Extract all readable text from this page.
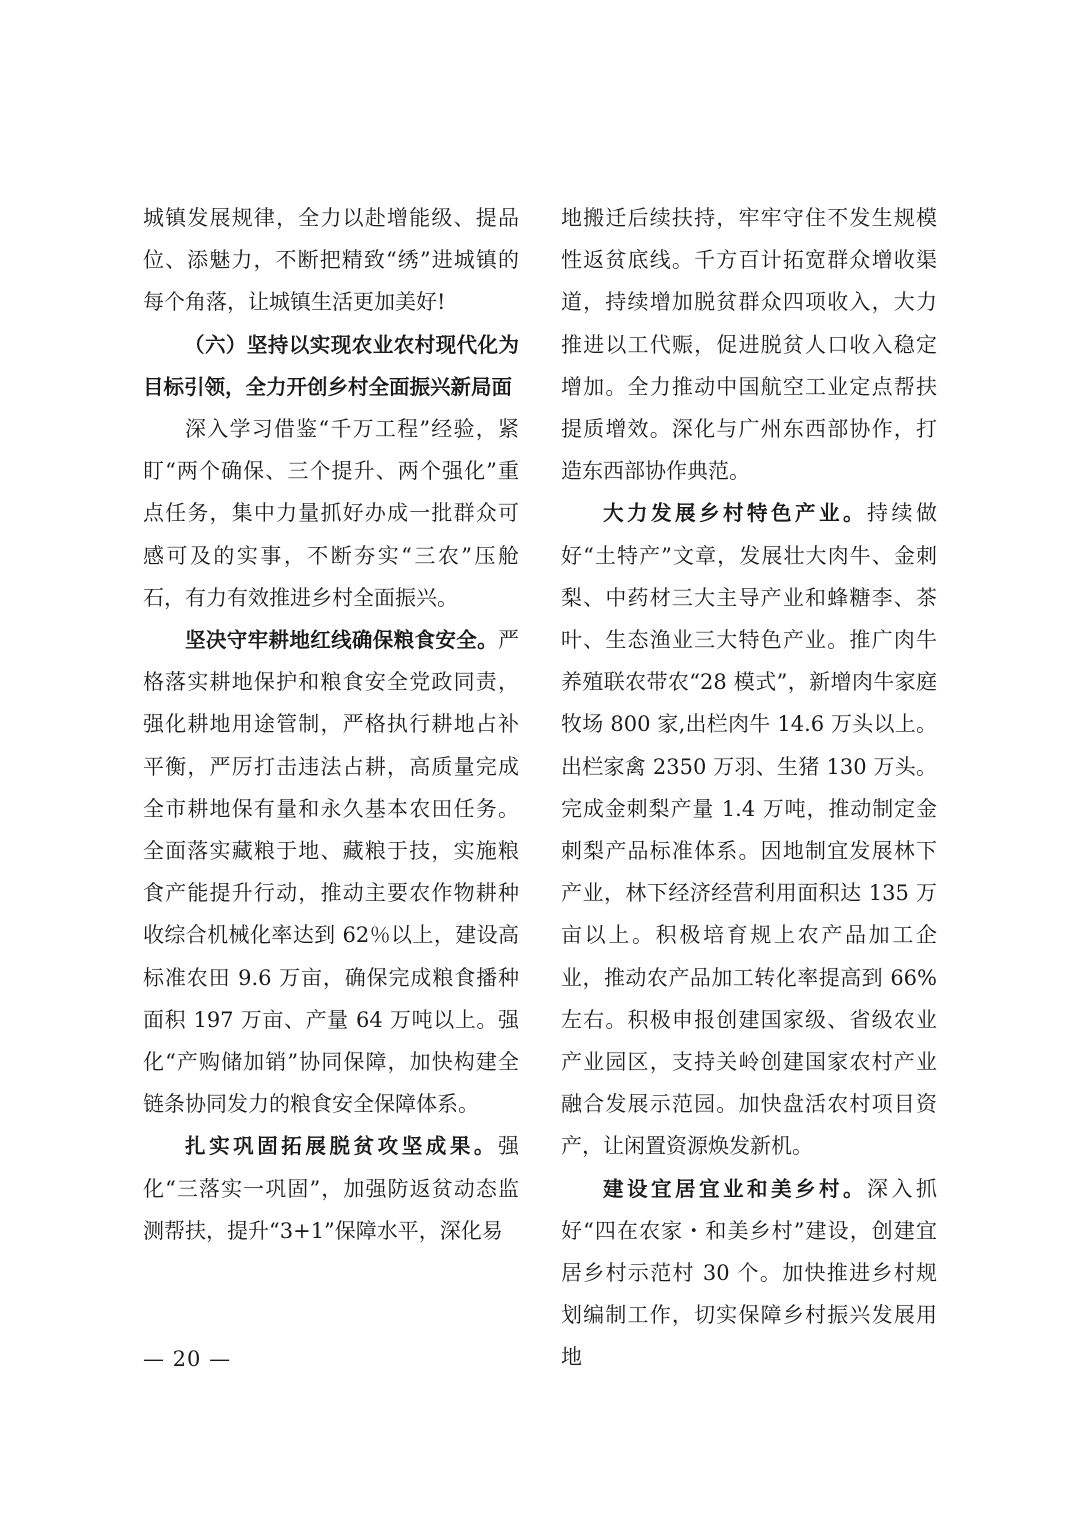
城镇发展规律，全力以赴增能级、提品位、添魅力，不断把精致“绣”进城镇的每个角落，让城镇生活更加美好!

（六）坚持以实现农业农村现代化为目标引领，全力开创乡村全面振兴新局面

深入学习借鉴“千万工程”经验，紧盯“两个确保、三个提升、两个强化”重点任务，集中力量抓好办成一批群众可感可及的实事，不断夯实“三农”压舱石，有力有效推进乡村全面振兴。

坚决守牢耕地红线确保粮食安全。严格落实耕地保护和粮食安全党政同责，强化耕地用途管制，严格执行耕地占补平衡，严厉打击违法占耕，高质量完成全市耕地保有量和永久基本农田任务。全面落实藏粮于地、藏粮于技，实施粮食产能提升行动，推动主要农作物耕种收综合机械化率达到 62％以上，建设高标准农田 9.6 万亩，确保完成粮食播种面积 197 万亩、产量 64 万吨以上。强化“产购储加销”协同保障，加快构建全链条协同发力的粮食安全保障体系。

扎实巩固拓展脱贫攻坚成果。强化“三落实一巩固”，加强防返贫动态监测帮扶，提升“3+1”保障水平，深化易

地搬迁后续扶持，牢牢守住不发生规模性返贫底线。千方百计拓宽群众增收渠道，持续增加脱贫群众四项收入，大力推进以工代赈，促进脱贫人口收入稳定增加。全力推动中国航空工业定点帮扶提质增效。深化与广州东西部协作，打造东西部协作典范。

大力发展乡村特色产业。持续做好“土特产”文章，发展壮大肉牛、金刺梨、中药材三大主导产业和蜂糖李、茶叶、生态渔业三大特色产业。推广肉牛养殖联农带农“28 模式”，新增肉牛家庭牧场 800 家,出栏肉牛 14.6 万头以上。出栏家禽 2350 万羽、生猪 130 万头。完成金刺梨产量 1.4 万吨，推动制定金刺梨产品标准体系。因地制宜发展林下产业，林下经济经营利用面积达 135 万亩以上。积极培育规上农产品加工企业，推动农产品加工转化率提高到 66%左右。积极申报创建国家级、省级农业产业园区，支持关岭创建国家农村产业融合发展示范园。加快盘活农村项目资产，让闲置资源焕发新机。

建设宜居宜业和美乡村。深入抓好“四在农家・和美乡村”建设，创建宜居乡村示范村 30 个。加快推进乡村规划编制工作，切实保障乡村振兴发展用地

— 20 —
